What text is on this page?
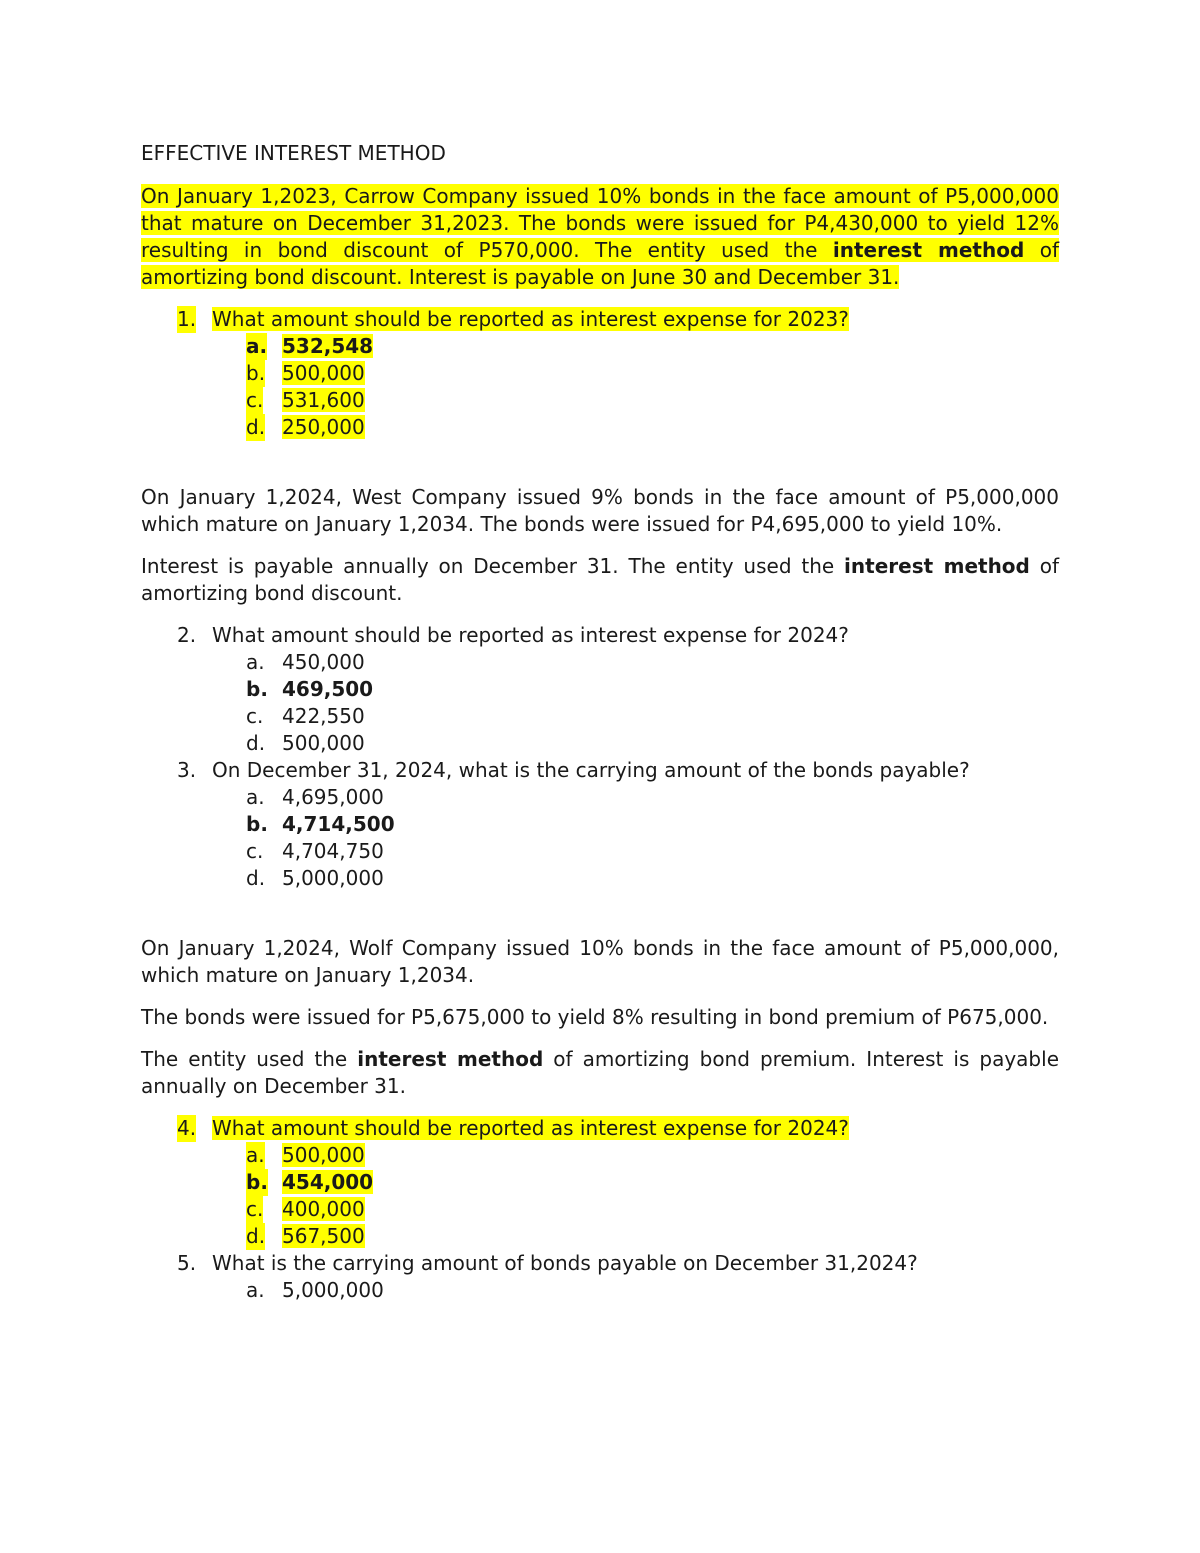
EFFECTIVE INTEREST METHOD

On January 1,2023, Carrow Company issued 10% bonds in the face amount of P5,000,000 that mature on December 31,2023. The bonds were issued for P4,430,000 to yield 12% resulting in bond discount of P570,000. The entity used the interest method of amortizing bond discount. Interest is payable on June 30 and December 31.

1. What amount should be reported as interest expense for 2023?
a. 532,548
b. 500,000
c. 531,600
d. 250,000

On January 1,2024, West Company issued 9% bonds in the face amount of P5,000,000 which mature on January 1,2034. The bonds were issued for P4,695,000 to yield 10%.

Interest is payable annually on December 31. The entity used the interest method of amortizing bond discount.

2. What amount should be reported as interest expense for 2024?
a. 450,000
b. 469,500
c. 422,550
d. 500,000
3. On December 31, 2024, what is the carrying amount of the bonds payable?
a. 4,695,000
b. 4,714,500
c. 4,704,750
d. 5,000,000

On January 1,2024, Wolf Company issued 10% bonds in the face amount of P5,000,000, which mature on January 1,2034.

The bonds were issued for P5,675,000 to yield 8% resulting in bond premium of P675,000.

The entity used the interest method of amortizing bond premium. Interest is payable annually on December 31.

4. What amount should be reported as interest expense for 2024?
a. 500,000
b. 454,000
c. 400,000
d. 567,500
5. What is the carrying amount of bonds payable on December 31,2024?
a. 5,000,000
